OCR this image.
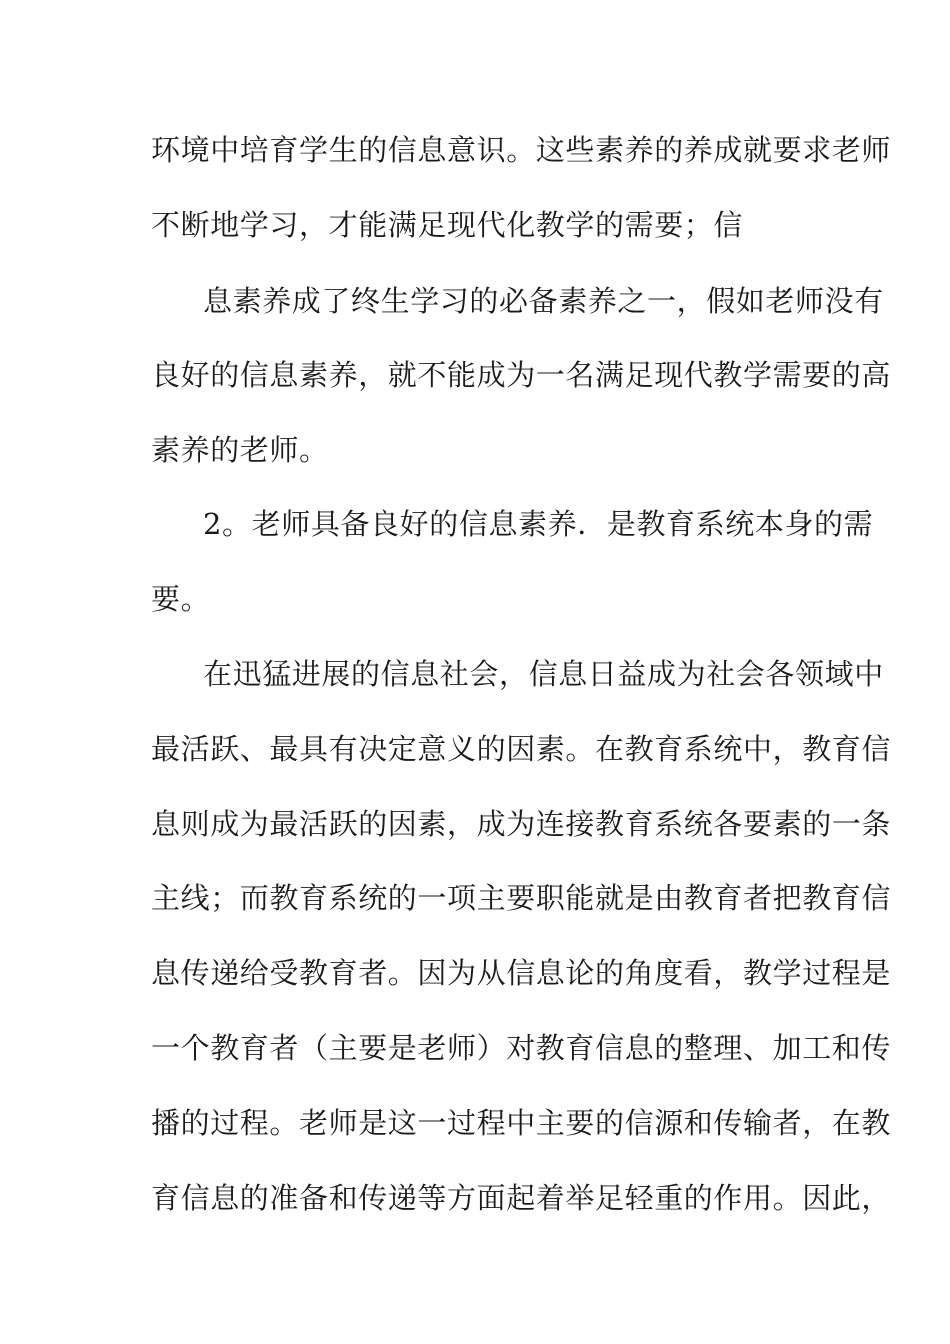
环境中培育学生的信息意识。这些素养的养成就要求老师
不断地学习，才能满足现代化教学的需要；信
息素养成了终生学习的必备素养之一，假如老师没有
良好的信息素养，就不能成为一名满足现代教学需要的高
素养的老师。
2。老师具备良好的信息素养．是教育系统本身的需
要。
在迅猛进展的信息社会，信息日益成为社会各领域中
最活跃、最具有决定意义的因素。在教育系统中，教育信
息则成为最活跃的因素，成为连接教育系统各要素的一条
主线；而教育系统的一项主要职能就是由教育者把教育信
息传递给受教育者。因为从信息论的角度看，教学过程是
一个教育者（主要是老师）对教育信息的整理、加工和传
播的过程。老师是这一过程中主要的信源和传输者，在教
育信息的准备和传递等方面起着举足轻重的作用。因此，
